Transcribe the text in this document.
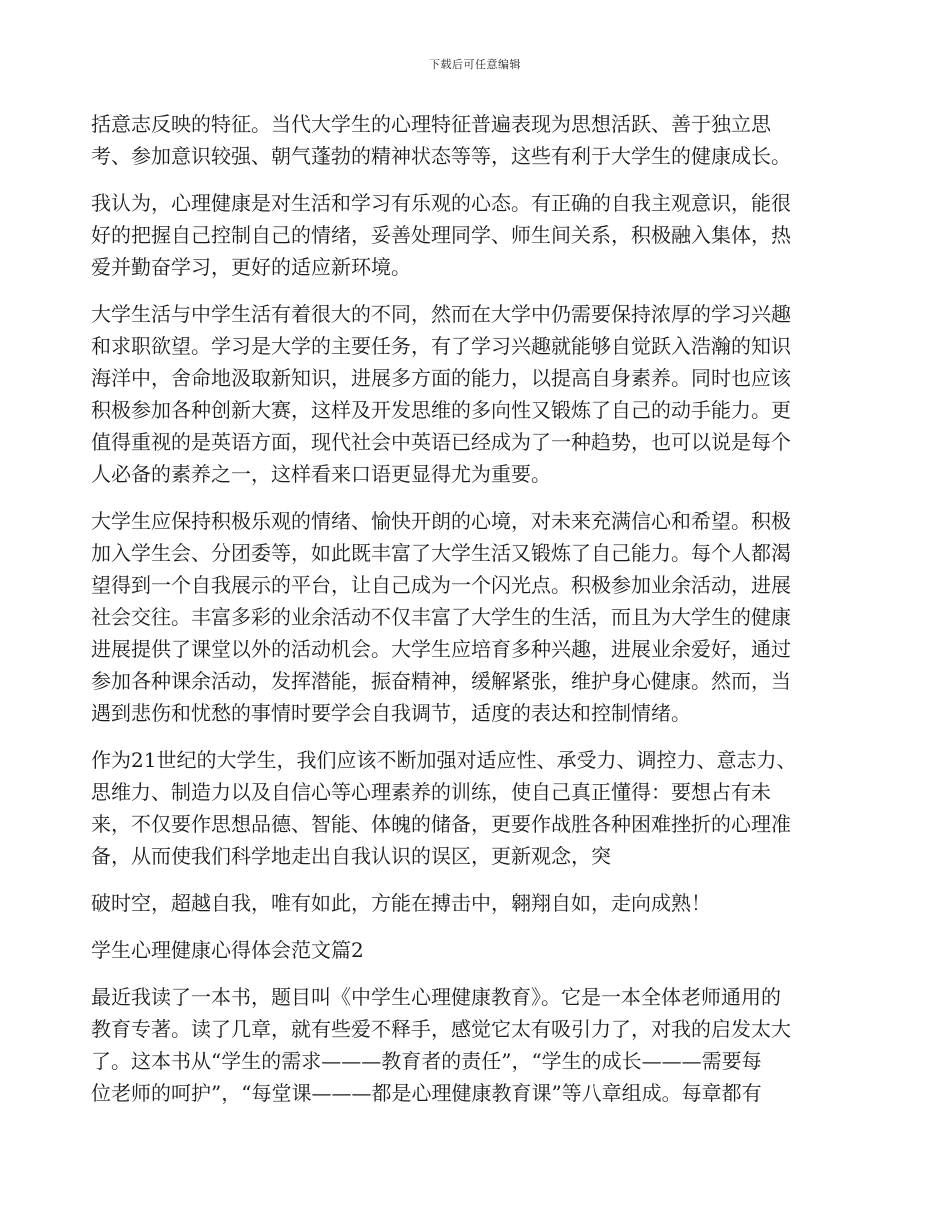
下载后可任意编辑

括意志反映的特征。当代大学生的心理特征普遍表现为思想活跃、善于独立思
考、参加意识较强、朝气蓬勃的精神状态等等，这些有利于大学生的健康成长。

我认为，心理健康是对生活和学习有乐观的心态。有正确的自我主观意识，能很
好的把握自己控制自己的情绪，妥善处理同学、师生间关系，积极融入集体，热
爱并勤奋学习，更好的适应新环境。

大学生活与中学生活有着很大的不同，然而在大学中仍需要保持浓厚的学习兴趣
和求职欲望。学习是大学的主要任务，有了学习兴趣就能够自觉跃入浩瀚的知识
海洋中，舍命地汲取新知识，进展多方面的能力，以提高自身素养。同时也应该
积极参加各种创新大赛，这样及开发思维的多向性又锻炼了自己的动手能力。更
值得重视的是英语方面，现代社会中英语已经成为了一种趋势，也可以说是每个
人必备的素养之一，这样看来口语更显得尤为重要。

大学生应保持积极乐观的情绪、愉快开朗的心境，对未来充满信心和希望。积极
加入学生会、分团委等，如此既丰富了大学生活又锻炼了自己能力。每个人都渴
望得到一个自我展示的平台，让自己成为一个闪光点。积极参加业余活动，进展
社会交往。丰富多彩的业余活动不仅丰富了大学生的生活，而且为大学生的健康
进展提供了课堂以外的活动机会。大学生应培育多种兴趣，进展业余爱好，通过
参加各种课余活动，发挥潜能，振奋精神，缓解紧张，维护身心健康。然而，当
遇到悲伤和忧愁的事情时要学会自我调节，适度的表达和控制情绪。

作为21世纪的大学生，我们应该不断加强对适应性、承受力、调控力、意志力、
思维力、制造力以及自信心等心理素养的训练，使自己真正懂得：要想占有未
来，不仅要作思想品德、智能、体魄的储备，更要作战胜各种困难挫折的心理准
备，从而使我们科学地走出自我认识的误区，更新观念，突

破时空，超越自我，唯有如此，方能在搏击中，翱翔自如，走向成熟！

学生心理健康心得体会范文篇2

最近我读了一本书，题目叫《中学生心理健康教育》。它是一本全体老师通用的
教育专著。读了几章，就有些爱不释手，感觉它太有吸引力了，对我的启发太大
了。这本书从“学生的需求———教育者的责任”，“学生的成长———需要每
位老师的呵护”，“每堂课———都是心理健康教育课”等八章组成。每章都有
